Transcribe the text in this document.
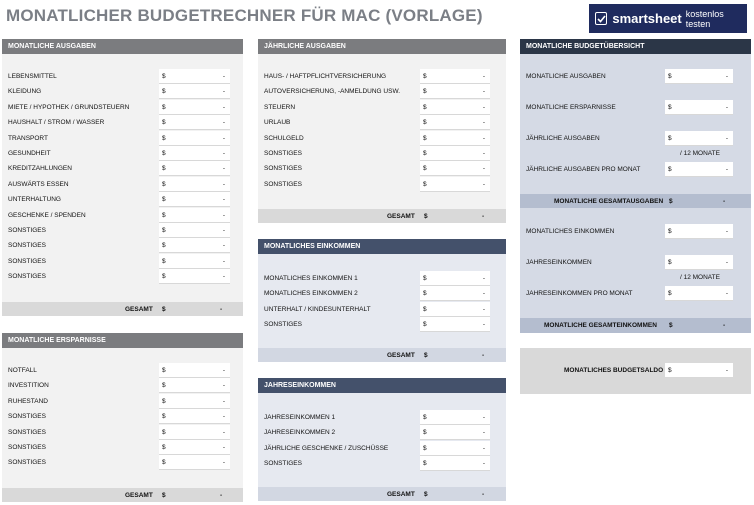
MONATLICHER BUDGETRECHNER FÜR MAC (VORLAGE)	smartsheet kostenlos testen
MONATLICHE AUSGABEN
GESAMT $	-
LEBENSMITTEL	$	-
KLEIDUNG	$	-
MIETE / HYPOTHEK / GRUNDSTEUERN	$	-
HAUSHALT / STROM / WASSER	$	-
TRANSPORT	$	-
GESUNDHEIT	$	-
KREDITZAHLUNGEN	$	-
AUSWÄRTS ESSEN	$	-
UNTERHALTUNG	$	-
GESCHENKE / SPENDEN	$	-
SONSTIGES	$	-
SONSTIGES	$	-
SONSTIGES	$	-
SONSTIGES	$	-
MONATLICHE ERSPARNISSE
GESAMT $	-
NOTFALL	$	-
INVESTITION	$	-
RUHESTAND	$	-
SONSTIGES	$	-
SONSTIGES	$	-
SONSTIGES	$	-
SONSTIGES	$	-
JÄHRLICHE AUSGABEN
GESAMT $	-
HAUS- / HAFTPFLICHTVERSICHERUNG	$	-
AUTOVERSICHERUNG, -ANMELDUNG USW.	$	-
STEUERN	$	-
URLAUB	$	-
SCHULGELD	$	-
SONSTIGES	$	-
SONSTIGES	$	-
SONSTIGES	$	-
MONATLICHES EINKOMMEN
GESAMT $	-
MONATLICHES EINKOMMEN 1	$	-
MONATLICHES EINKOMMEN 2	$	-
UNTERHALT / KINDESUNTERHALT	$	-
SONSTIGES	$	-
JAHRESEINKOMMEN
GESAMT $	-
JAHRESEINKOMMEN 1	$	-
JAHRESEINKOMMEN 2	$	-
JÄHRLICHE GESCHENKE / ZUSCHÜSSE	$	-
SONSTIGES	$	-
MONATLICHE BUDGETÜBERSICHT
MONATLICHE AUSGABEN	$	-
MONATLICHE ERSPARNISSE	$	-
JÄHRLICHE AUSGABEN	$	-
/ 12 MONATE
JÄHRLICHE AUSGABEN PRO MONAT	$	-
MONATLICHE GESAMTAUSGABEN $	-
MONATLICHES EINKOMMEN	$	-
JAHRESEINKOMMEN	$	-
/ 12 MONATE
JAHRESEINKOMMEN PRO MONAT	$	-
MONATLICHE GESAMTEINKOMMEN $	-
MONATLICHES BUDGETSALDO $	-
